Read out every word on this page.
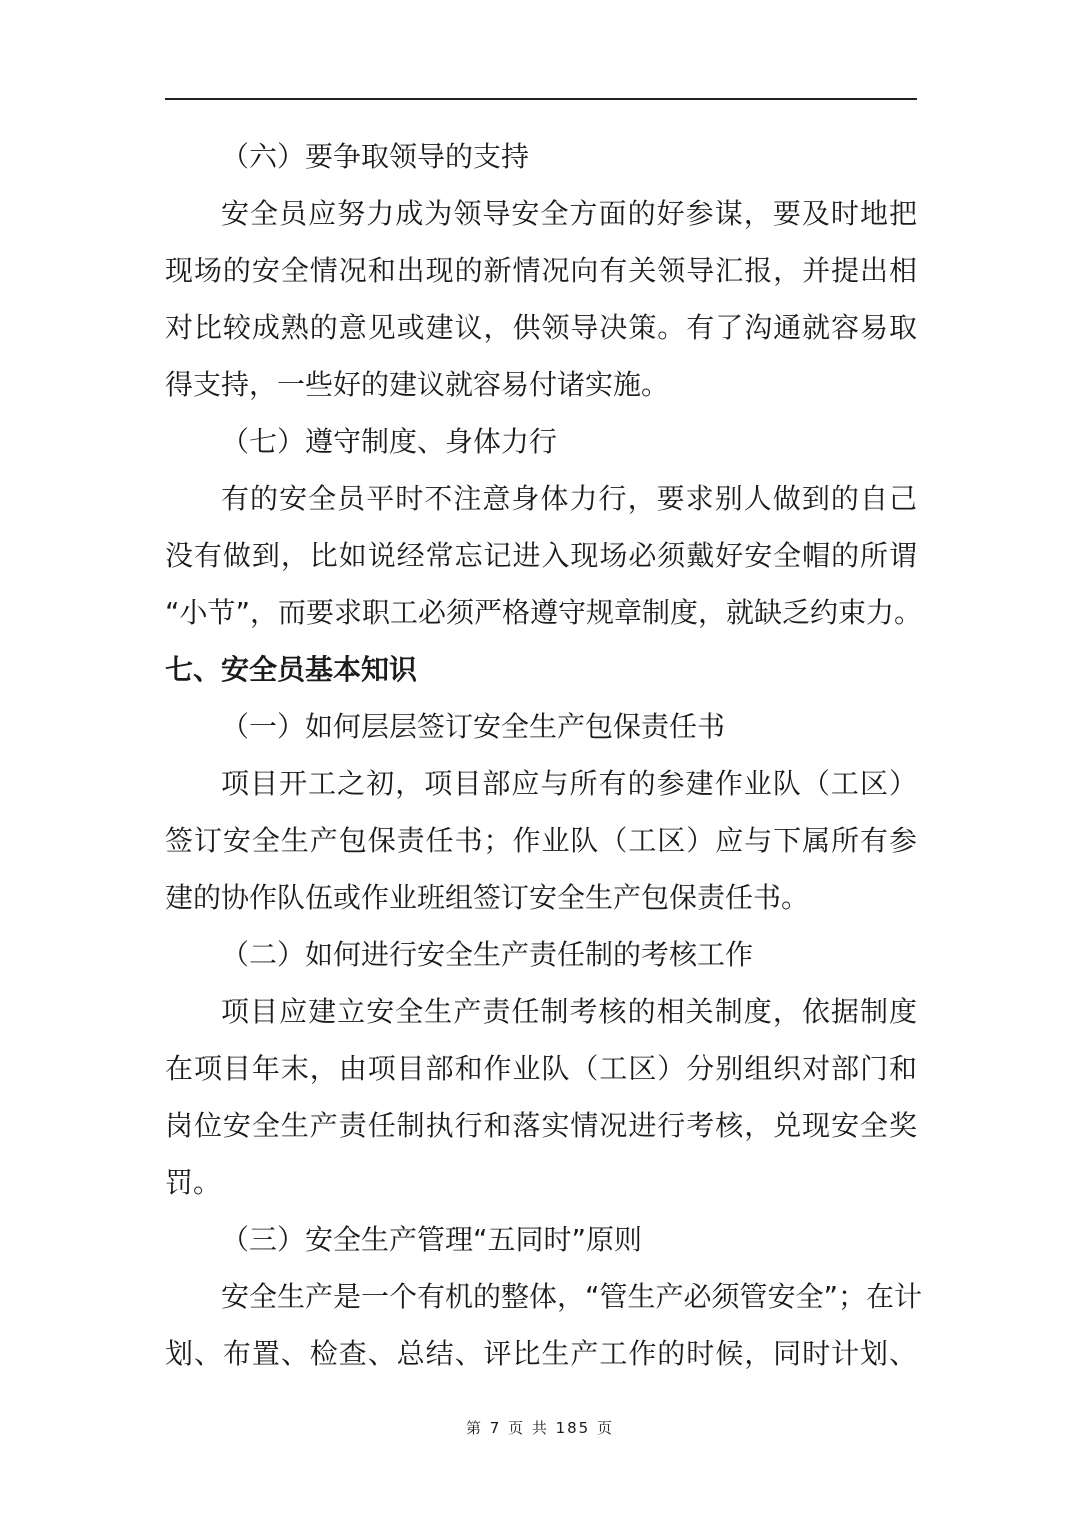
（六）要争取领导的支持
安全员应努力成为领导安全方面的好参谋，要及时地把
现场的安全情况和出现的新情况向有关领导汇报，并提出相
对比较成熟的意见或建议，供领导决策。有了沟通就容易取
得支持，一些好的建议就容易付诸实施。
（七）遵守制度、身体力行
有的安全员平时不注意身体力行，要求别人做到的自己
没有做到，比如说经常忘记进入现场必须戴好安全帽的所谓
“小节”，而要求职工必须严格遵守规章制度，就缺乏约束力。
七、安全员基本知识
（一）如何层层签订安全生产包保责任书
项目开工之初，项目部应与所有的参建作业队（工区）
签订安全生产包保责任书；作业队（工区）应与下属所有参
建的协作队伍或作业班组签订安全生产包保责任书。
（二）如何进行安全生产责任制的考核工作
项目应建立安全生产责任制考核的相关制度，依据制度
在项目年末，由项目部和作业队（工区）分别组织对部门和
岗位安全生产责任制执行和落实情况进行考核，兑现安全奖
罚。
（三）安全生产管理“五同时”原则
安全生产是一个有机的整体，“管生产必须管安全”；在计
划、布置、检查、总结、评比生产工作的时候，同时计划、
第 7 页 共 185 页
